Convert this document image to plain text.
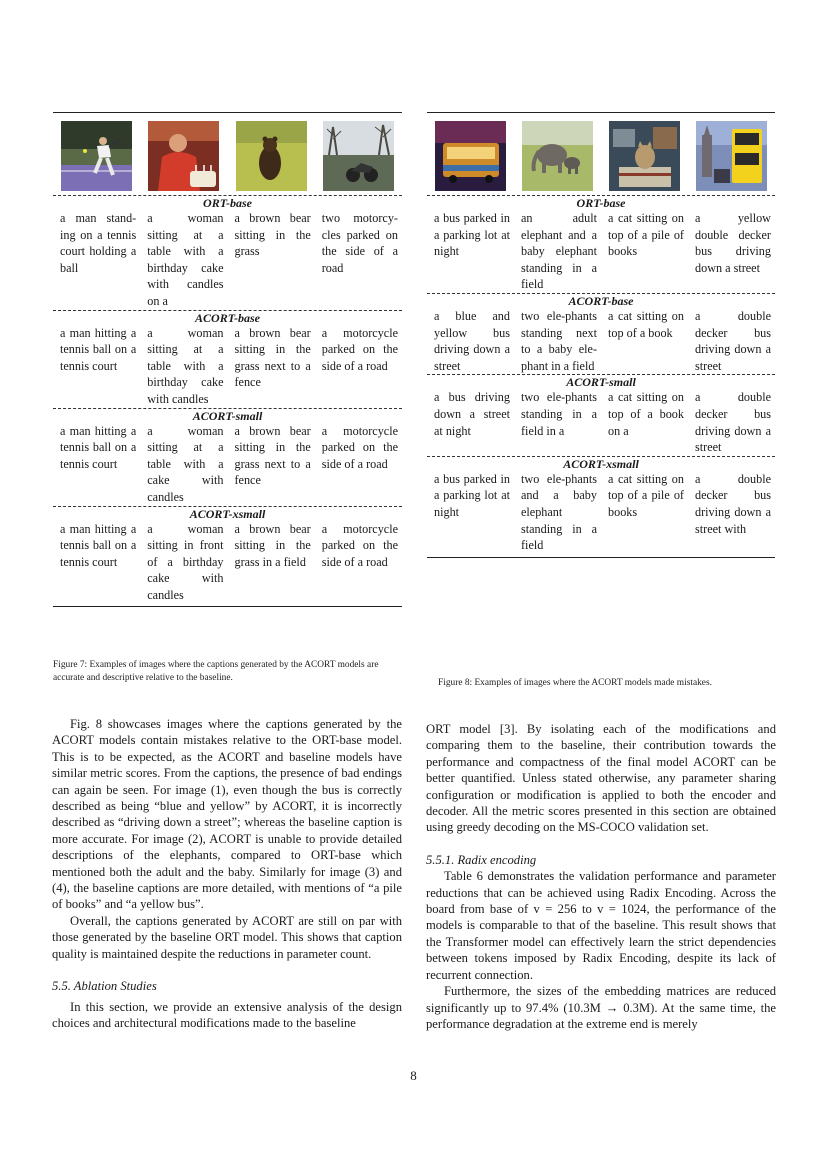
ORT-base
a man stand-ing on a tennis court holding a ball
a woman sitting at a table with a birthday cake with candles on a
a brown bear sitting in the grass
two motorcy-cles parked on the side of a road
ACORT-base
a man hitting a tennis ball on a tennis court
a woman sitting at a table with a birthday cake with candles
a brown bear sitting in the grass next to a fence
a motorcycle parked on the side of a road
ACORT-small
a man hitting a tennis ball on a tennis court
a woman sitting at a table with a cake with candles
a brown bear sitting in the grass next to a fence
a motorcycle parked on the side of a road
ACORT-xsmall
a man hitting a tennis ball on a tennis court
a woman sitting in front of a birthday cake with candles
a brown bear sitting in the grass in a field
a motorcycle parked on the side of a road
Figure 7: Examples of images where the captions generated by the ACORT models are accurate and descriptive relative to the baseline.
ORT-base
a bus parked in a parking lot at night
an adult elephant and a baby elephant standing in a field
a cat sitting on top of a pile of books
a yellow double decker bus driving down a street
ACORT-base
a blue and yellow bus driving down a street
two ele-phants standing next to a baby ele-phant in a field
a cat sitting on top of a book
a double decker bus driving down a street
ACORT-small
a bus driving down a street at night
two ele-phants standing in a field in a
a cat sitting on top of a book on a
a double decker bus driving down a street
ACORT-xsmall
a bus parked in a parking lot at night
two ele-phants and a baby elephant standing in a field
a cat sitting on top of a pile of books
a double decker bus driving down a street with
Figure 8: Examples of images where the ACORT models made mistakes.

Fig. 8 showcases images where the captions generated by the ACORT models contain mistakes relative to the ORT-base model. This is to be expected, as the ACORT and baseline models have similar metric scores. From the captions, the presence of bad endings can again be seen. For image (1), even though the bus is correctly described as being “blue and yellow” by ACORT, it is incorrectly described as “driving down a street”; whereas the baseline caption is more accurate. For image (2), ACORT is unable to provide detailed descriptions of the elephants, compared to ORT-base which mentioned both the adult and the baby. Similarly for image (3) and (4), the baseline captions are more detailed, with mentions of “a pile of books” and “a yellow bus”.

Overall, the captions generated by ACORT are still on par with those generated by the baseline ORT model. This shows that caption quality is maintained despite the reductions in parameter count.

5.5. Ablation Studies

In this section, we provide an extensive analysis of the design choices and architectural modifications made to the baseline

ORT model [3]. By isolating each of the modifications and comparing them to the baseline, their contribution towards the performance and compactness of the final model ACORT can be better quantified. Unless stated otherwise, any parameter sharing configuration or modification is applied to both the encoder and decoder. All the metric scores presented in this section are obtained using greedy decoding on the MS-COCO validation set.

5.5.1. Radix encoding

Table 6 demonstrates the validation performance and parameter reductions that can be achieved using Radix Encoding. Across the board from base of v = 256 to v = 1024, the performance of the models is comparable to that of the baseline. This result shows that the Transformer model can effectively learn the strict dependencies between tokens imposed by Radix Encoding, despite its lack of recurrent connection.

Furthermore, the sizes of the embedding matrices are reduced significantly up to 97.4% (10.3M → 0.3M). At the same time, the performance degradation at the extreme end is merely

8
